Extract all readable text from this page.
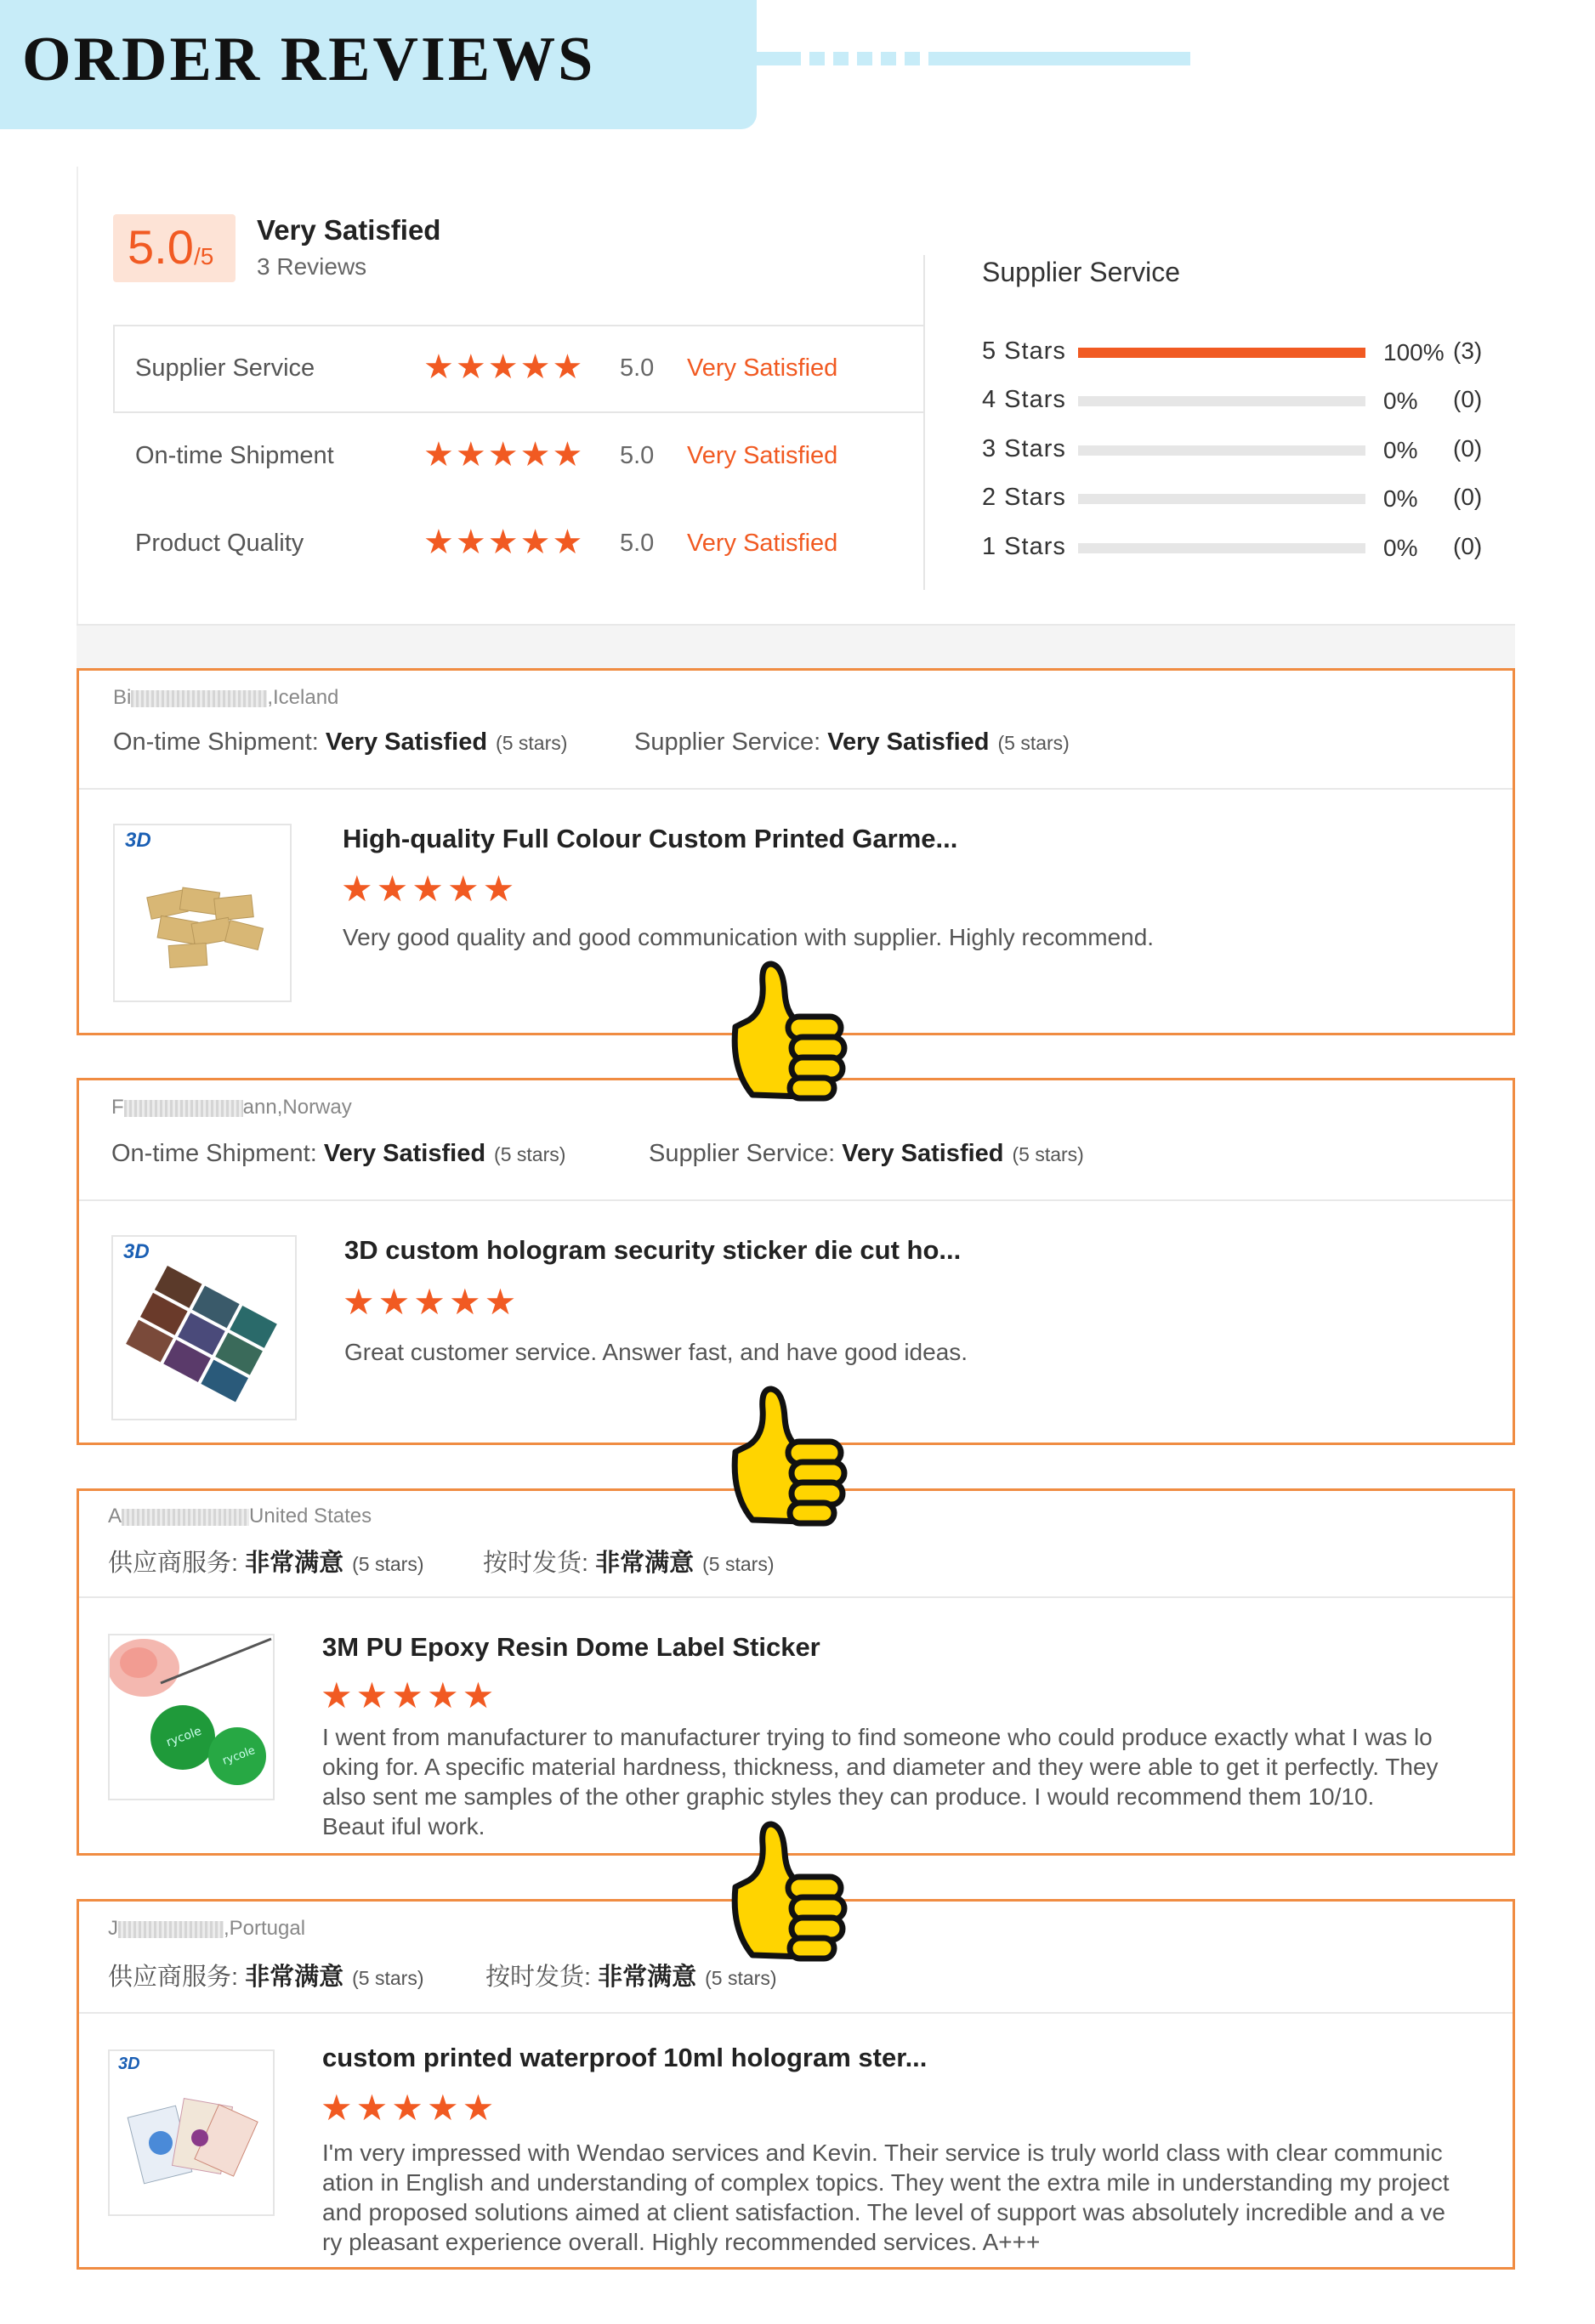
ORDER REVIEWS
5.0 /5
Very Satisfied
3 Reviews
Supplier Service	★★★★★ 5.0 Very Satisfied
On-time Shipment	★★★★★ 5.0 Very Satisfied
Product Quality	★★★★★ 5.0 Very Satisfied
Supplier Service
5 Stars	100% (3)
4 Stars	0% (0)
3 Stars	0% (0)
2 Stars	0% (0)
1 Stars	0% (0)
Bi	,Iceland
On-time Shipment: Very Satisfied (5 stars)	Supplier Service: Very Satisfied (5 stars)
3D	High-quality Full Colour Custom Printed Garme...
★★★★★
Very good quality and good communication with supplier. Highly recommend.
F	ann,Norway
On-time Shipment: Very Satisfied (5 stars)	Supplier Service: Very Satisfied (5 stars)
3D	3D custom hologram security sticker die cut ho...
★★★★★
Great customer service. Answer fast, and have good ideas.
A	United States
供应商服务: 非常满意 (5 stars) 按时发货: 非常满意 (5 stars)
rycole
rycole
3M PU Epoxy Resin Dome Label Sticker
★★★★★
I went from manufacturer to manufacturer trying to find someone who could produce exactly what I was lo oking for. A specific material hardness, thickness, and diameter and they were able to get it perfectly. They also sent me samples of the other graphic styles they can produce. I would recommend them 10/10. Beaut iful work.
J	,Portugal
供应商服务: 非常满意 (5 stars)	按时发货: 非常满意 (5 stars)
3D	custom printed waterproof 10ml hologram ster...
★★★★★
I'm very impressed with Wendao services and Kevin. Their service is truly world class with clear communic ation in English and understanding of complex topics. They went the extra mile in understanding my project and proposed solutions aimed at client satisfaction. The level of support was absolutely incredible and a ve ry pleasant experience overall. Highly recommended services. A+++
